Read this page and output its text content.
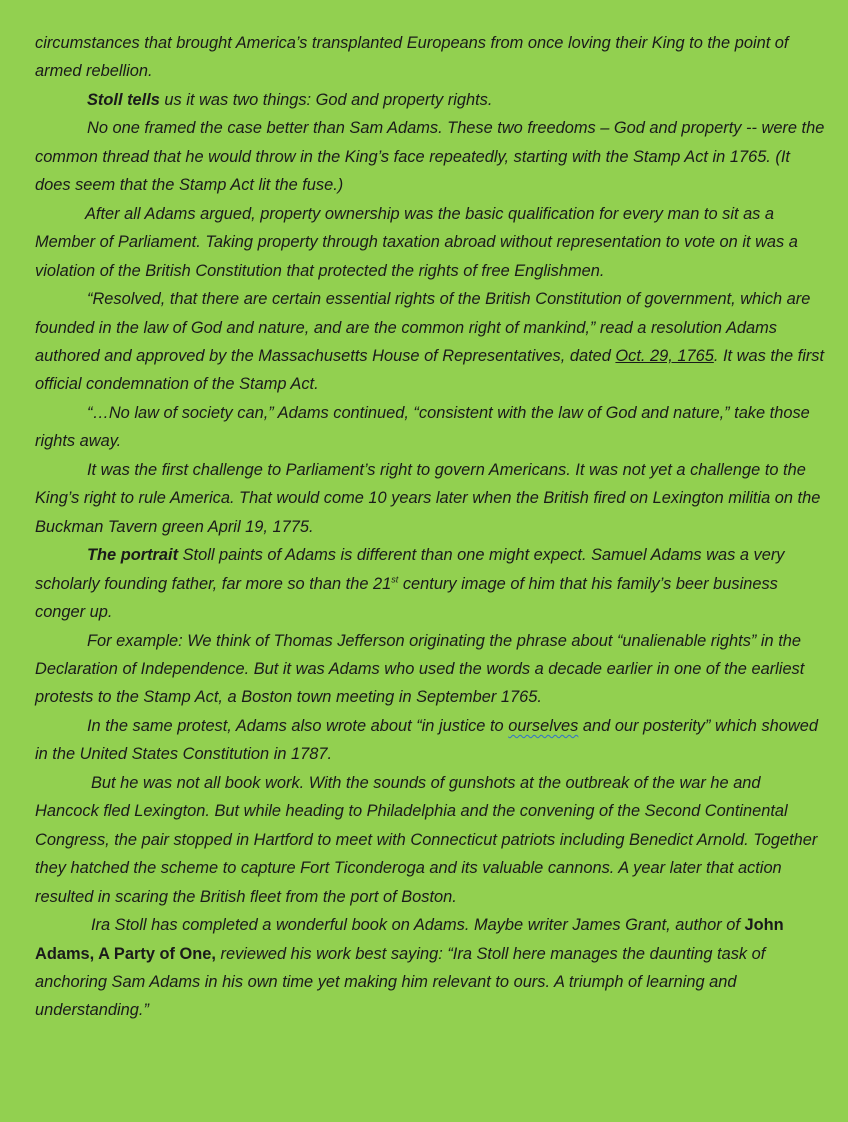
circumstances that brought America’s transplanted Europeans from once loving their King to the point of armed rebellion.

Stoll tells us it was two things: God and property rights.

No one framed the case better than Sam Adams. These two freedoms – God and property -- were the common thread that he would throw in the King’s face repeatedly, starting with the Stamp Act in 1765. (It does seem that the Stamp Act lit the fuse.)

After all Adams argued, property ownership was the basic qualification for every man to sit as a Member of Parliament. Taking property through taxation abroad without representation to vote on it was a violation of the British Constitution that protected the rights of free Englishmen.

“Resolved, that there are certain essential rights of the British Constitution of government, which are founded in the law of God and nature, and are the common right of mankind,” read a resolution Adams authored and approved by the Massachusetts House of Representatives, dated Oct. 29, 1765. It was the first official condemnation of the Stamp Act.

“…No law of society can,” Adams continued, “consistent with the law of God and nature,” take those rights away.

It was the first challenge to Parliament’s right to govern Americans. It was not yet a challenge to the King’s right to rule America. That would come 10 years later when the British fired on Lexington militia on the Buckman Tavern green April 19, 1775.

The portrait Stoll paints of Adams is different than one might expect. Samuel Adams was a very scholarly founding father, far more so than the 21st century image of him that his family’s beer business conger up.

For example: We think of Thomas Jefferson originating the phrase about “unalienable rights” in the Declaration of Independence. But it was Adams who used the words a decade earlier in one of the earliest protests to the Stamp Act, a Boston town meeting in September 1765.

In the same protest, Adams also wrote about “in justice to ourselves and our posterity” which showed in the United States Constitution in 1787.

But he was not all book work. With the sounds of gunshots at the outbreak of the war he and Hancock fled Lexington. But while heading to Philadelphia and the convening of the Second Continental Congress, the pair stopped in Hartford to meet with Connecticut patriots including Benedict Arnold. Together they hatched the scheme to capture Fort Ticonderoga and its valuable cannons. A year later that action resulted in scaring the British fleet from the port of Boston.

Ira Stoll has completed a wonderful book on Adams. Maybe writer James Grant, author of John Adams, A Party of One, reviewed his work best saying: “Ira Stoll here manages the daunting task of anchoring Sam Adams in his own time yet making him relevant to ours. A triumph of learning and understanding.”
